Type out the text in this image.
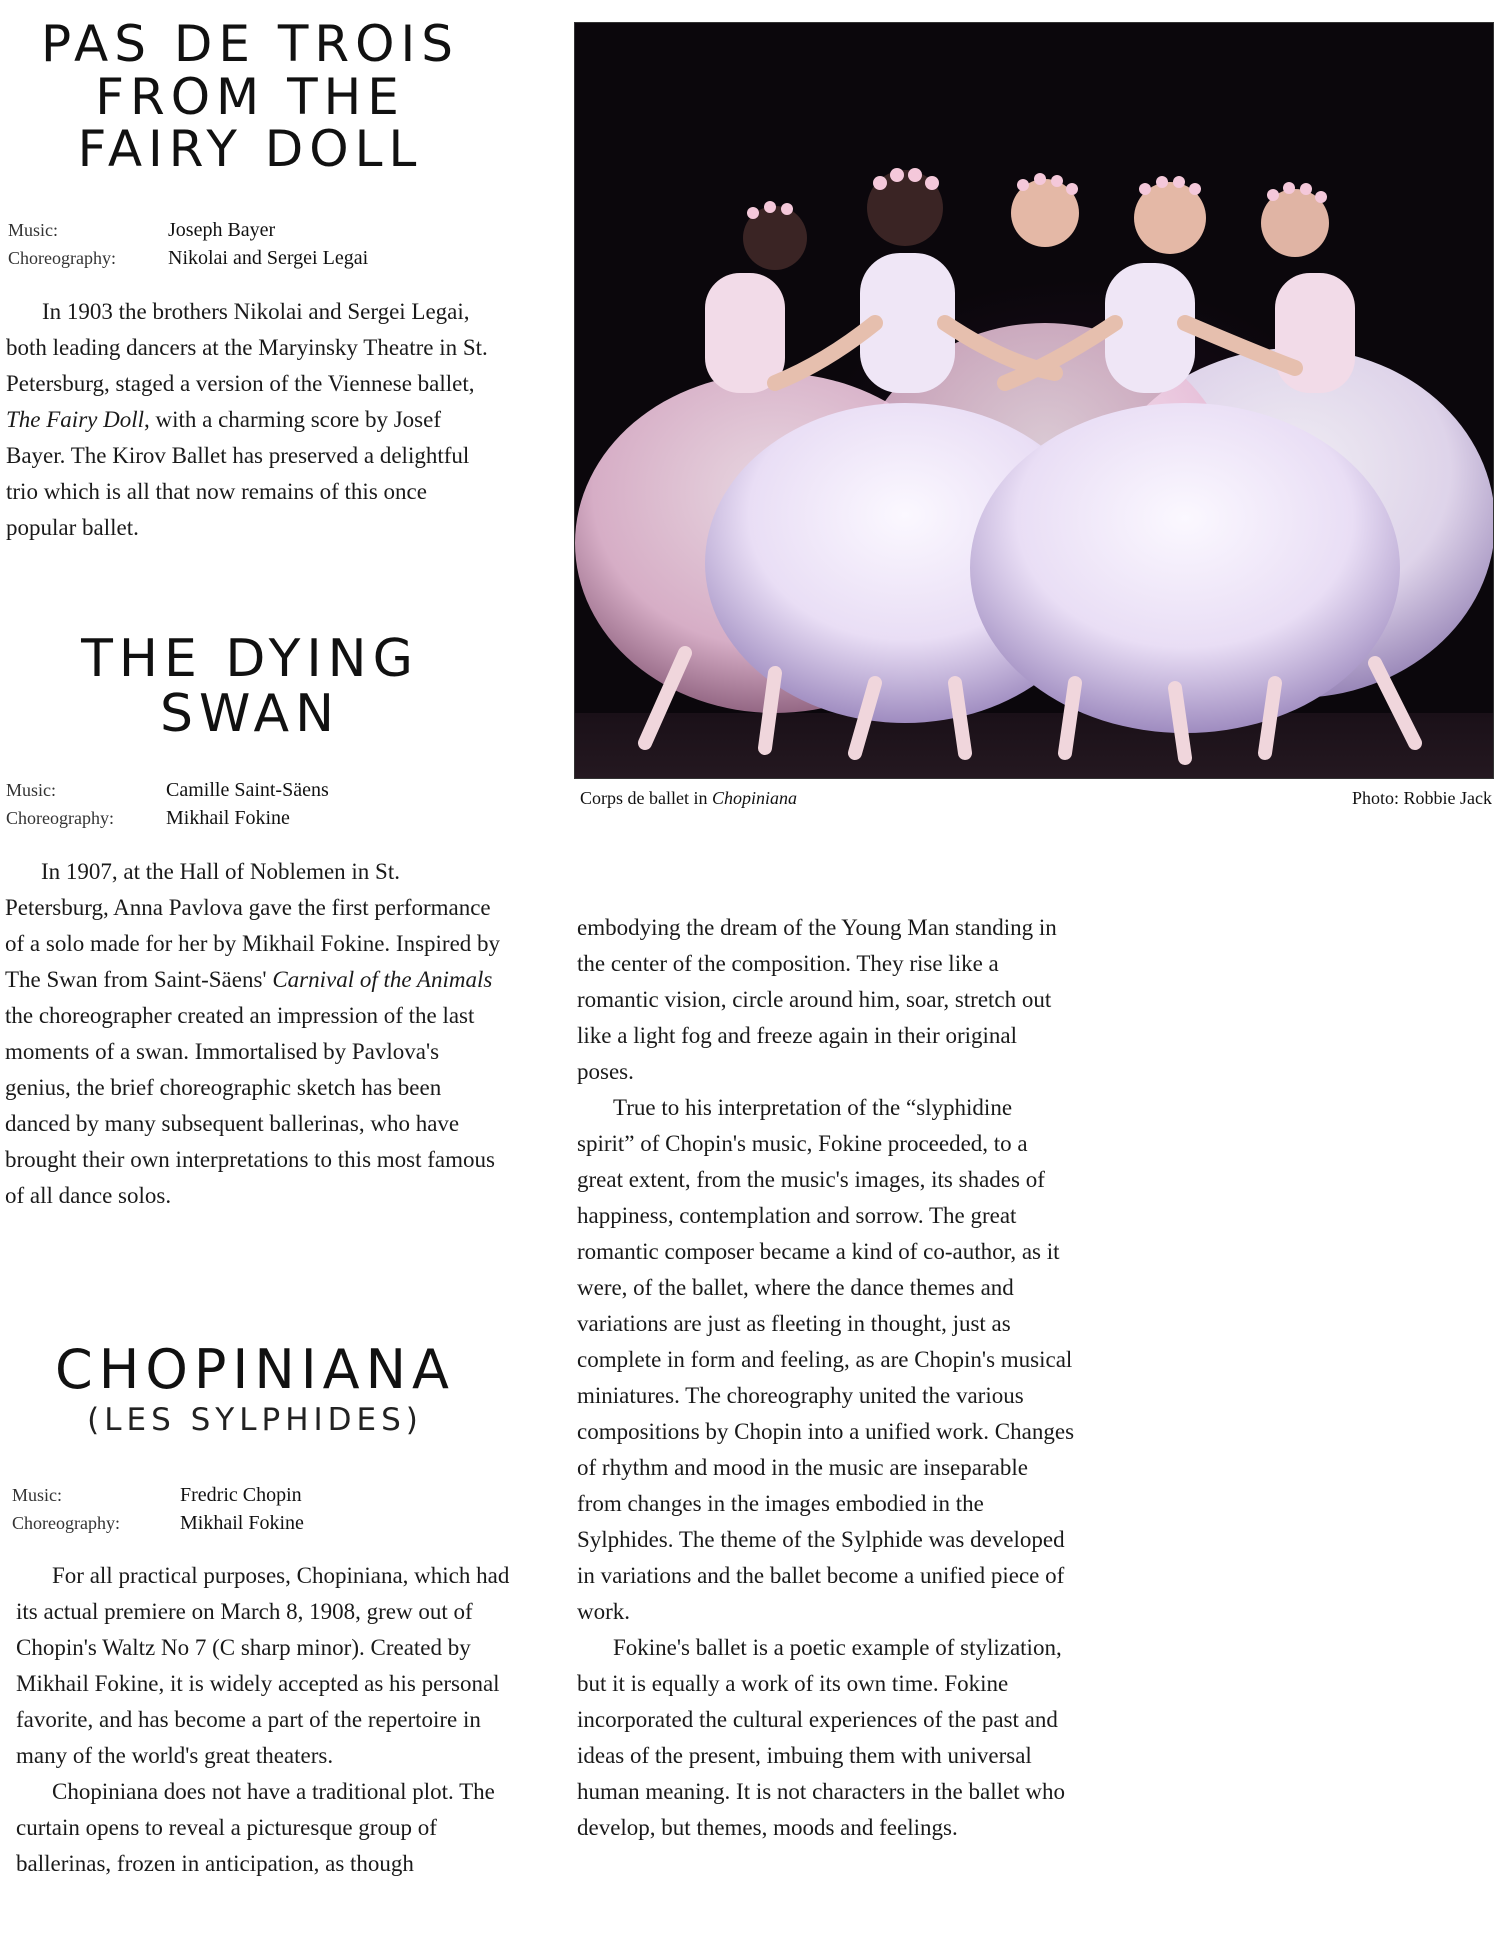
PAS DE TROIS
FROM THE
FAIRY DOLL
Music:	Joseph Bayer
Choreography:	Nikolai and Sergei Legai

In 1903 the brothers Nikolai and Sergei Legai, both leading dancers at the Maryinsky Theatre in St. Petersburg, staged a version of the Viennese ballet, The Fairy Doll, with a charming score by Josef Bayer. The Kirov Ballet has preserved a delightful trio which is all that now remains of this once popular ballet.

THE DYING
SWAN
Music:	Camille Saint-Säens
Choreography:	Mikhail Fokine

In 1907, at the Hall of Noblemen in St. Petersburg, Anna Pavlova gave the first performance of a solo made for her by Mikhail Fokine. Inspired by The Swan from Saint-Säens' Carnival of the Animals the choreographer created an impression of the last moments of a swan. Immortalised by Pavlova's genius, the brief choreographic sketch has been danced by many subsequent ballerinas, who have brought their own interpretations to this most famous of all dance solos.

CHOPINIANA
(LES SYLPHIDES)
Music:	Fredric Chopin
Choreography:	Mikhail Fokine

For all practical purposes, Chopiniana, which had its actual premiere on March 8, 1908, grew out of Chopin's Waltz No 7 (C sharp minor). Created by Mikhail Fokine, it is widely accepted as his personal favorite, and has become a part of the repertoire in many of the world's great theaters.

Chopiniana does not have a traditional plot. The curtain opens to reveal a picturesque group of ballerinas, frozen in anticipation, as though

Corps de ballet in Chopiniana	Photo: Robbie Jack

embodying the dream of the Young Man standing in the center of the composition. They rise like a romantic vision, circle around him, soar, stretch out like a light fog and freeze again in their original poses.

True to his interpretation of the “slyphidine spirit” of Chopin's music, Fokine proceeded, to a great extent, from the music's images, its shades of happiness, contemplation and sorrow. The great romantic composer became a kind of co-author, as it were, of the ballet, where the dance themes and variations are just as fleeting in thought, just as complete in form and feeling, as are Chopin's musical miniatures. The choreography united the various compositions by Chopin into a unified work. Changes of rhythm and mood in the music are inseparable from changes in the images embodied in the Sylphides. The theme of the Sylphide was developed in variations and the ballet become a unified piece of work.

Fokine's ballet is a poetic example of stylization, but it is equally a work of its own time. Fokine incorporated the cultural experiences of the past and ideas of the present, imbuing them with universal human meaning. It is not characters in the ballet who develop, but themes, moods and feelings.
